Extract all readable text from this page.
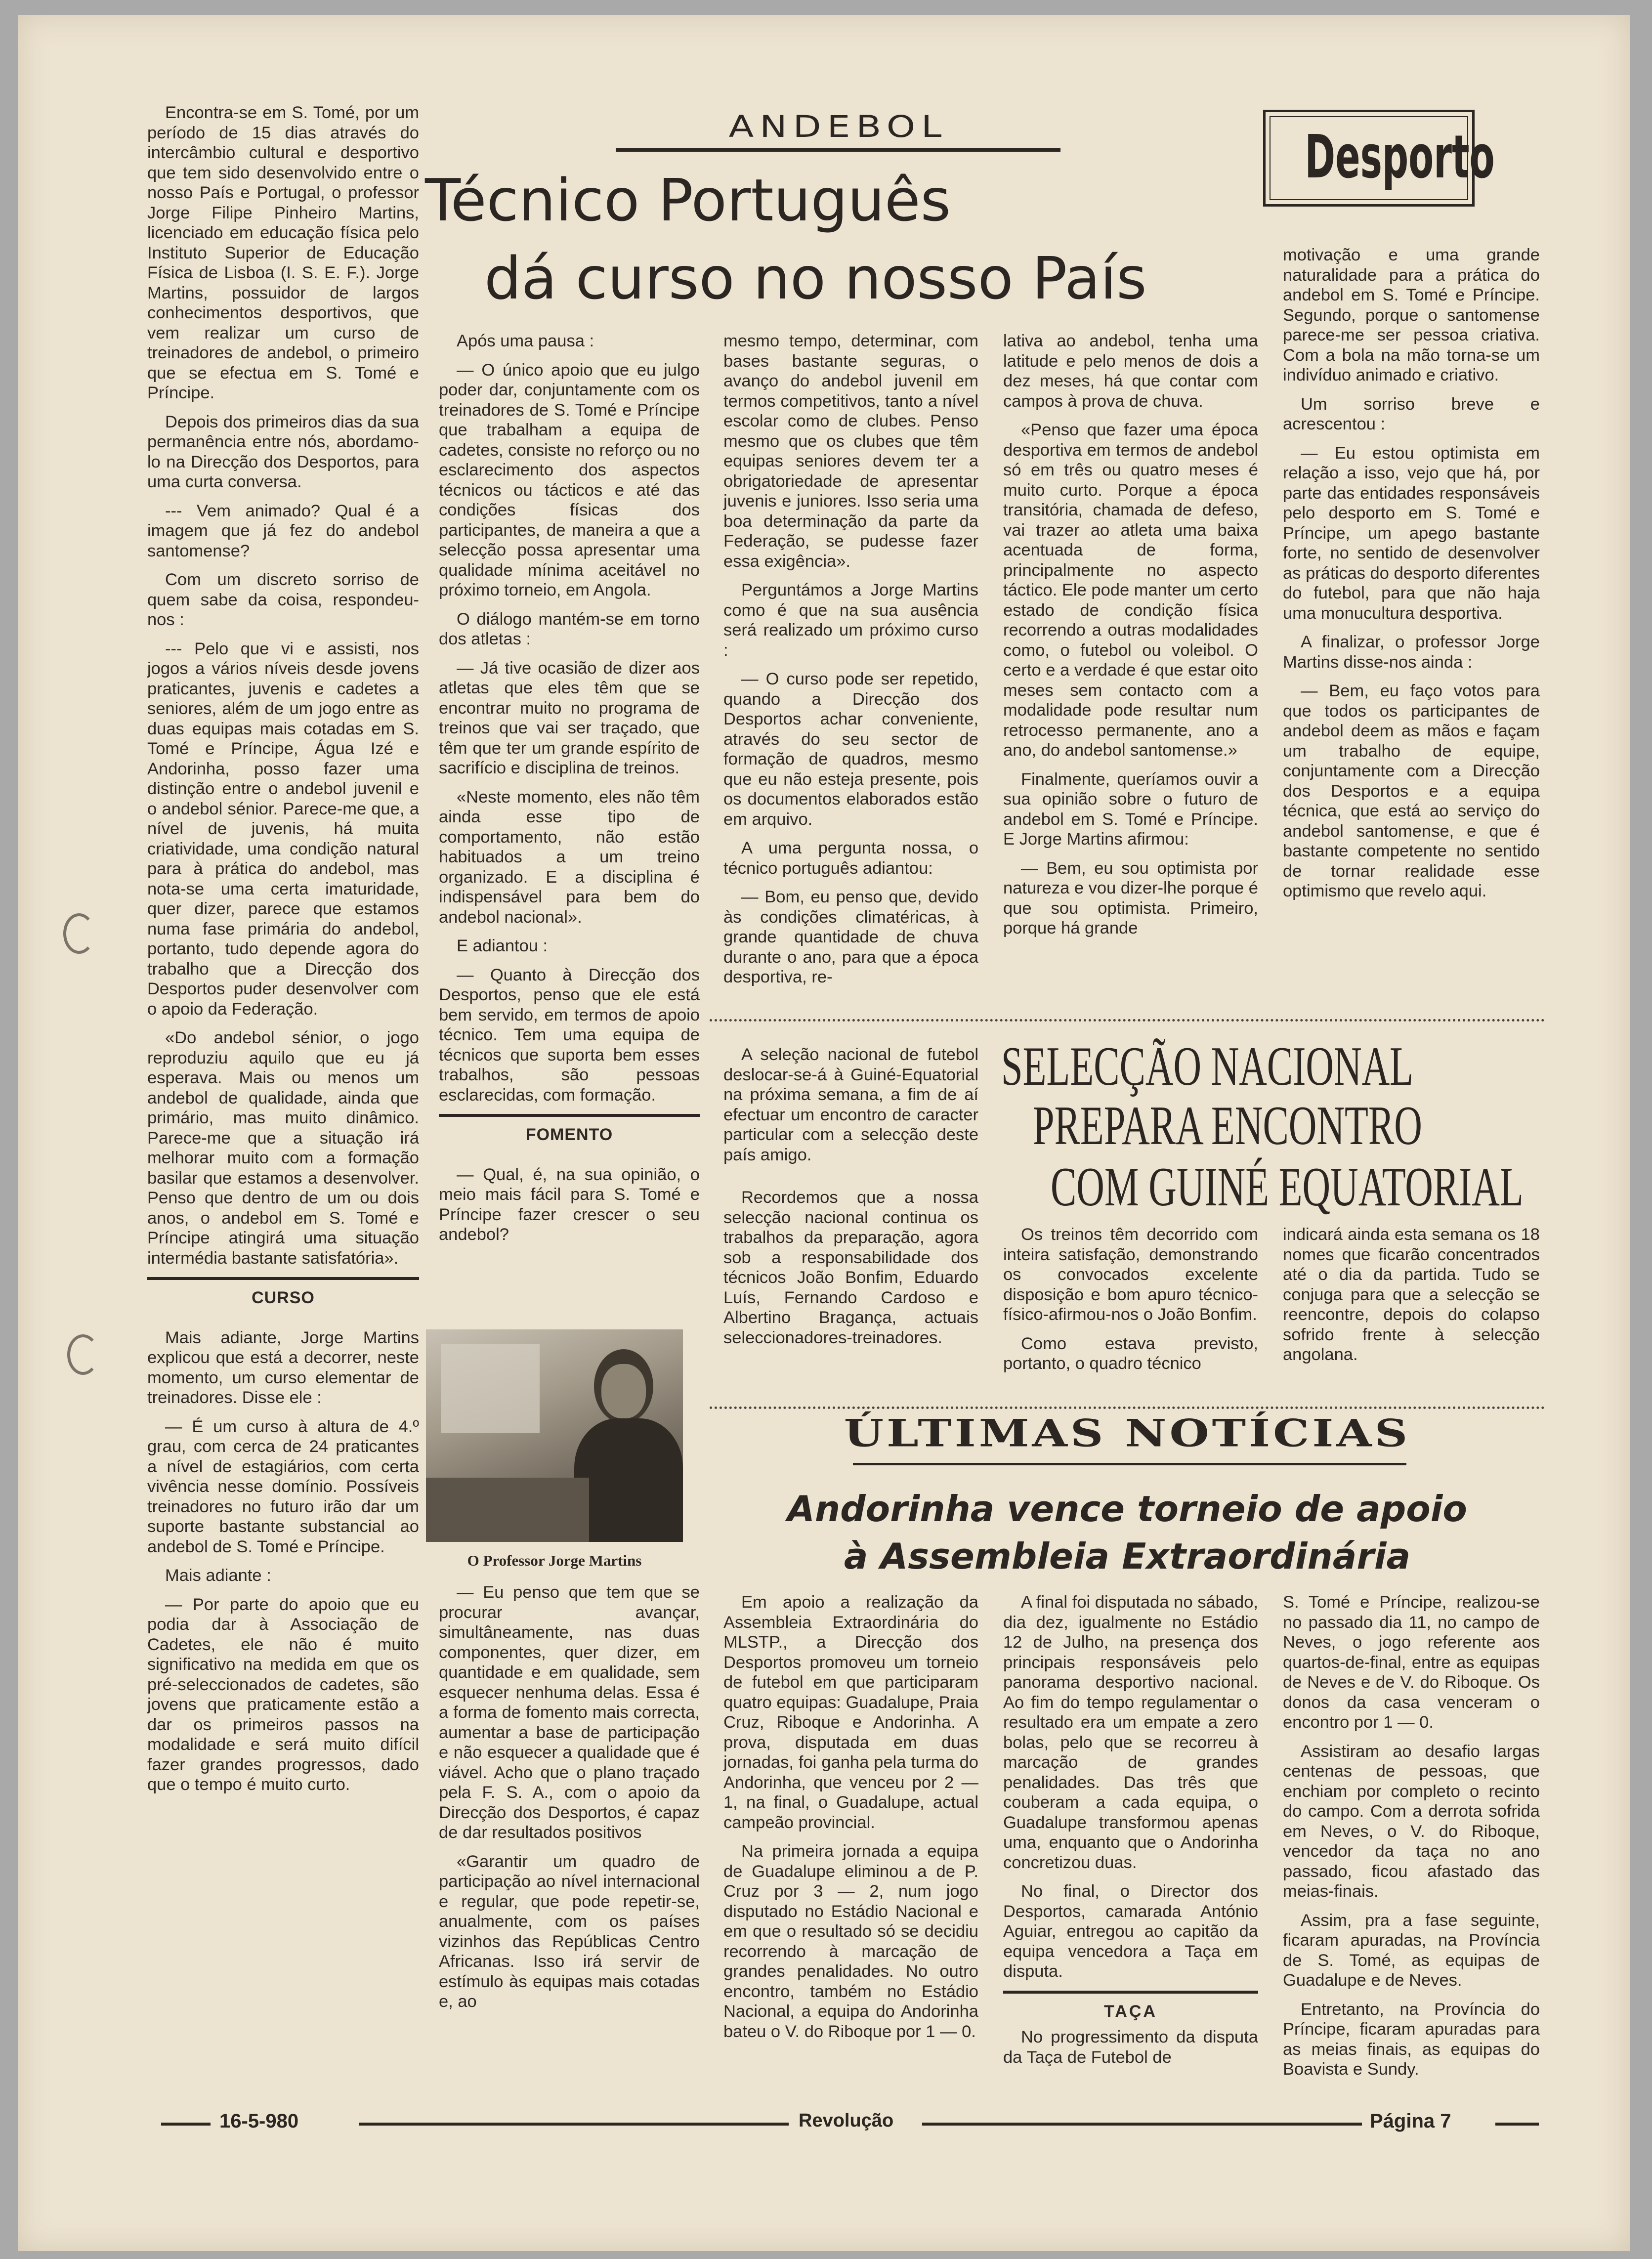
ANDEBOL	Desporto
Técnico Português
dá curso no nosso País

Encontra-se em S. Tomé, por um período de 15 dias através do intercâmbio cultural e desportivo que tem sido desenvolvido entre o nosso País e Portugal, o professor Jorge Filipe Pinheiro Martins, licenciado em educação física pelo Instituto Superior de Educação Física de Lisboa (I. S. E. F.). Jorge Martins, possuidor de largos conhecimentos desportivos, que vem realizar um curso de treinadores de andebol, o primeiro que se efectua em S. Tomé e Príncipe.

Depois dos primeiros dias da sua permanência entre nós, abordamo-lo na Direcção dos Desportos, para uma curta conversa.

--- Vem animado? Qual é a imagem que já fez do andebol santomense?

Com um discreto sorriso de quem sabe da coisa, respondeu-nos :

--- Pelo que vi e assisti, nos jogos a vários níveis desde jovens praticantes, juvenis e cadetes a seniores, além de um jogo entre as duas equipas mais cotadas em S. Tomé e Príncipe, Água Izé e Andorinha, posso fazer uma distinção entre o andebol juvenil e o andebol sénior. Parece-me que, a nível de juvenis, há muita criatividade, uma condição natural para à prática do andebol, mas nota-se uma certa imaturidade, quer dizer, parece que estamos numa fase primária do andebol, portanto, tudo depende agora do trabalho que a Direcção dos Desportos puder desenvolver com o apoio da Federação.

«Do andebol sénior, o jogo reproduziu aquilo que eu já esperava. Mais ou menos um andebol de qualidade, ainda que primário, mas muito dinâmico. Parece-me que a situação irá melhorar muito com a formação basilar que estamos a desenvolver. Penso que dentro de um ou dois anos, o andebol em S. Tomé e Príncipe atingirá uma situação intermédia bastante satisfatória».

CURSO

Mais adiante, Jorge Martins explicou que está a decorrer, neste momento, um curso elementar de treinadores. Disse ele :

— É um curso à altura de 4.º grau, com cerca de 24 praticantes a nível de estagiários, com certa vivência nesse domínio. Possíveis treinadores no futuro irão dar um suporte bastante substancial ao andebol de S. Tomé e Príncipe.

Mais adiante :

— Por parte do apoio que eu podia dar à Associação de Cadetes, ele não é muito significativo na medida em que os pré-seleccionados de cadetes, são jovens que praticamente estão a dar os primeiros passos na modalidade e será muito difícil fazer grandes progressos, dado que o tempo é muito curto.

Após uma pausa :

— O único apoio que eu julgo poder dar, conjuntamente com os treinadores de S. Tomé e Príncipe que trabalham a equipa de cadetes, consiste no reforço ou no esclarecimento dos aspectos técnicos ou tácticos e até das condições físicas dos participantes, de maneira a que a selecção possa apresentar uma qualidade mínima aceitável no próximo torneio, em Angola.

O diálogo mantém-se em torno dos atletas :

— Já tive ocasião de dizer aos atletas que eles têm que se encontrar muito no programa de treinos que vai ser traçado, que têm que ter um grande espírito de sacrifício e disciplina de treinos.

«Neste momento, eles não têm ainda esse tipo de comportamento, não estão habituados a um treino organizado. E a disciplina é indispensável para bem do andebol nacional».

E adiantou :

— Quanto à Direcção dos Desportos, penso que ele está bem servido, em termos de apoio técnico. Tem uma equipa de técnicos que suporta bem esses trabalhos, são pessoas esclarecidas, com formação.

FOMENTO

— Qual, é, na sua opinião, o meio mais fácil para S. Tomé e Príncipe fazer crescer o seu andebol?

O Professor Jorge Martins

— Eu penso que tem que se procurar avançar, simultâneamente, nas duas componentes, quer dizer, em quantidade e em qualidade, sem esquecer nenhuma delas. Essa é a forma de fomento mais correcta, aumentar a base de participação e não esquecer a qualidade que é viável. Acho que o plano traçado pela F. S. A., com o apoio da Direcção dos Desportos, é capaz de dar resultados positivos

«Garantir um quadro de participação ao nível internacional e regular, que pode repetir-se, anualmente, com os países vizinhos das Repúblicas Centro Africanas. Isso irá servir de estímulo às equipas mais cotadas e, ao

mesmo tempo, determinar, com bases bastante seguras, o avanço do andebol juvenil em termos competitivos, tanto a nível escolar como de clubes. Penso mesmo que os clubes que têm equipas seniores devem ter a obrigatoriedade de apresentar juvenis e juniores. Isso seria uma boa determinação da parte da Federação, se pudesse fazer essa exigência».

Perguntámos a Jorge Martins como é que na sua ausência será realizado um próximo curso :

— O curso pode ser repetido, quando a Direcção dos Desportos achar conveniente, através do seu sector de formação de quadros, mesmo que eu não esteja presente, pois os documentos elaborados estão em arquivo.

A uma pergunta nossa, o técnico português adiantou:

— Bom, eu penso que, devido às condições climatéricas, à grande quantidade de chuva durante o ano, para que a época desportiva, re-

lativa ao andebol, tenha uma latitude e pelo menos de dois a dez meses, há que contar com campos à prova de chuva.

«Penso que fazer uma época desportiva em termos de andebol só em três ou quatro meses é muito curto. Porque a época transitória, chamada de defeso, vai trazer ao atleta uma baixa acentuada de forma, principalmente no aspecto táctico. Ele pode manter um certo estado de condição física recorrendo a outras modalidades como, o futebol ou voleibol. O certo e a verdade é que estar oito meses sem contacto com a modalidade pode resultar num retrocesso permanente, ano a ano, do andebol santomense.»

Finalmente, queríamos ouvir a sua opinião sobre o futuro de andebol em S. Tomé e Príncipe. E Jorge Martins afirmou:

— Bem, eu sou optimista por natureza e vou dizer-lhe porque é que sou optimista. Primeiro, porque há grande

motivação e uma grande naturalidade para a prática do andebol em S. Tomé e Príncipe. Segundo, porque o santomense parece-me ser pessoa criativa. Com a bola na mão torna-se um indivíduo animado e criativo.

Um sorriso breve e acrescentou :

— Eu estou optimista em relação a isso, vejo que há, por parte das entidades responsáveis pelo desporto em S. Tomé e Príncipe, um apego bastante forte, no sentido de desenvolver as práticas do desporto diferentes do futebol, para que não haja uma monucultura desportiva.

A finalizar, o professor Jorge Martins disse-nos ainda :

— Bem, eu faço votos para que todos os participantes de andebol deem as mãos e façam um trabalho de equipe, conjuntamente com a Direcção dos Desportos e a equipa técnica, que está ao serviço do andebol santomense, e que é bastante competente no sentido de tornar realidade esse optimismo que revelo aqui.

SELECÇÃO NACIONAL
PREPARA ENCONTRO
COM GUINÉ EQUATORIAL

A seleção nacional de futebol deslocar-se-á à Guiné-Equatorial na próxima semana, a fim de aí efectuar um encontro de caracter particular com a selecção deste país amigo.

Recordemos que a nossa selecção nacional continua os trabalhos da preparação, agora sob a responsabilidade dos técnicos João Bonfim, Eduardo Luís, Fernando Cardoso e Albertino Bragança, actuais seleccionadores-treinadores.

Os treinos têm decorrido com inteira satisfação, demonstrando os convocados excelente disposição e bom apuro técnico-físico-afirmou-nos o João Bonfim.

Como estava previsto, portanto, o quadro técnico

indicará ainda esta semana os 18 nomes que ficarão concentrados até o dia da partida. Tudo se conjuga para que a selecção se reencontre, depois do colapso sofrido frente à selecção angolana.

ÚLTIMAS NOTÍCIAS
Andorinha vence torneio de apoio
à Assembleia Extraordinária

Em apoio a realização da Assembleia Extraordinária do MLSTP., a Direcção dos Desportos promoveu um torneio de futebol em que participaram quatro equipas: Guadalupe, Praia Cruz, Riboque e Andorinha. A prova, disputada em duas jornadas, foi ganha pela turma do Andorinha, que venceu por 2 — 1, na final, o Guadalupe, actual campeão provincial.

Na primeira jornada a equipa de Guadalupe eliminou a de P. Cruz por 3 — 2, num jogo disputado no Estádio Nacional e em que o resultado só se decidiu recorrendo à marcação de grandes penalidades. No outro encontro, também no Estádio Nacional, a equipa do Andorinha bateu o V. do Riboque por 1 — 0.

A final foi disputada no sábado, dia dez, igualmente no Estádio 12 de Julho, na presença dos principais responsáveis pelo panorama desportivo nacional. Ao fim do tempo regulamentar o resultado era um empate a zero bolas, pelo que se recorreu à marcação de grandes penalidades. Das três que couberam a cada equipa, o Guadalupe transformou apenas uma, enquanto que o Andorinha concretizou duas.

No final, o Director dos Desportos, camarada António Aguiar, entregou ao capitão da equipa vencedora a Taça em disputa.

TAÇA

No progressimento da disputa da Taça de Futebol de

S. Tomé e Príncipe, realizou-se no passado dia 11, no campo de Neves, o jogo referente aos quartos-de-final, entre as equipas de Neves e de V. do Riboque. Os donos da casa venceram o encontro por 1 — 0.

Assistiram ao desafio largas centenas de pessoas, que enchiam por completo o recinto do campo. Com a derrota sofrida em Neves, o V. do Riboque, vencedor da taça no ano passado, ficou afastado das meias-finais.

Assim, pra a fase seguinte, ficaram apuradas, na Província de S. Tomé, as equipas de Guadalupe e de Neves.

Entretanto, na Província do Príncipe, ficaram apuradas para as meias finais, as equipas do Boavista e Sundy.

16-5-980	Revolução	Página 7
